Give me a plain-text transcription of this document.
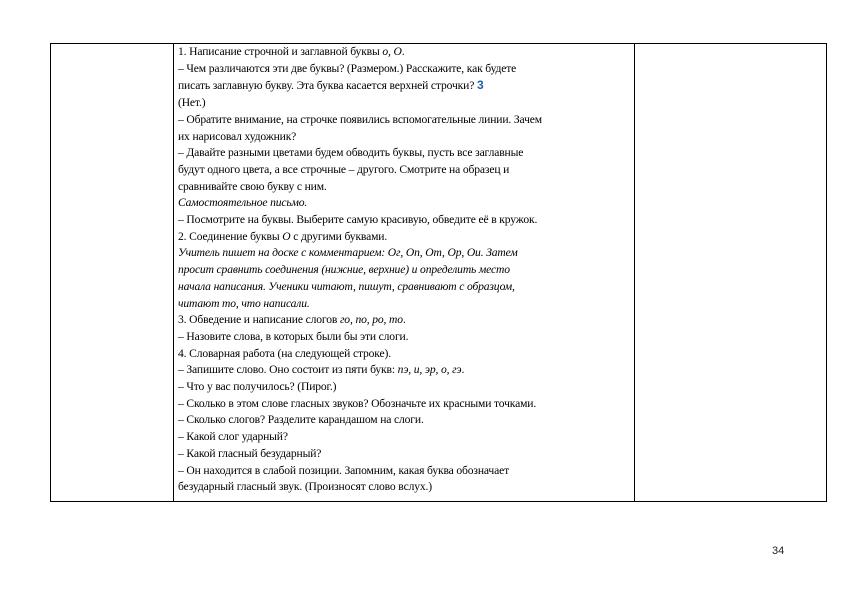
1. Написание строчной и заглавной буквы о, О.
– Чем различаются эти две буквы? (Размером.) Расскажите, как будете
писать заглавную букву. Эта буква касается верхней строчки? 3
(Нет.)
– Обратите внимание, на строчке появились вспомогательные линии. Зачем
их нарисовал художник?
– Давайте разными цветами будем обводить буквы, пусть все заглавные
будут одного цвета, а все строчные – другого. Смотрите на образец и
сравнивайте свою букву с ним.
Самостоятельное письмо.
– Посмотрите на буквы. Выберите самую красивую, обведите её в кружок.
2. Соединение буквы О с другими буквами.
Учитель пишет на доске с комментарием: Ог, Оп, От, Ор, Ои. Затем
просит сравнить соединения (нижние, верхние) и определить место
начала написания. Ученики читают, пишут, сравнивают с образцом,
читают то, что написали.
3. Обведение и написание слогов го, по, ро, то.
– Назовите слова, в которых были бы эти слоги.
4. Словарная работа (на следующей строке).
– Запишите слово. Оно состоит из пяти букв: пэ, и, эр, о, гэ.
– Что у вас получилось? (Пирог.)
– Сколько в этом слове гласных звуков? Обозначьте их красными точками.
– Сколько слогов? Разделите карандашом на слоги.
– Какой слог ударный?
– Какой гласный безударный?
– Он находится в слабой позиции. Запомним, какая буква обозначает
безударный гласный звук. (Произносят слово вслух.)

34
